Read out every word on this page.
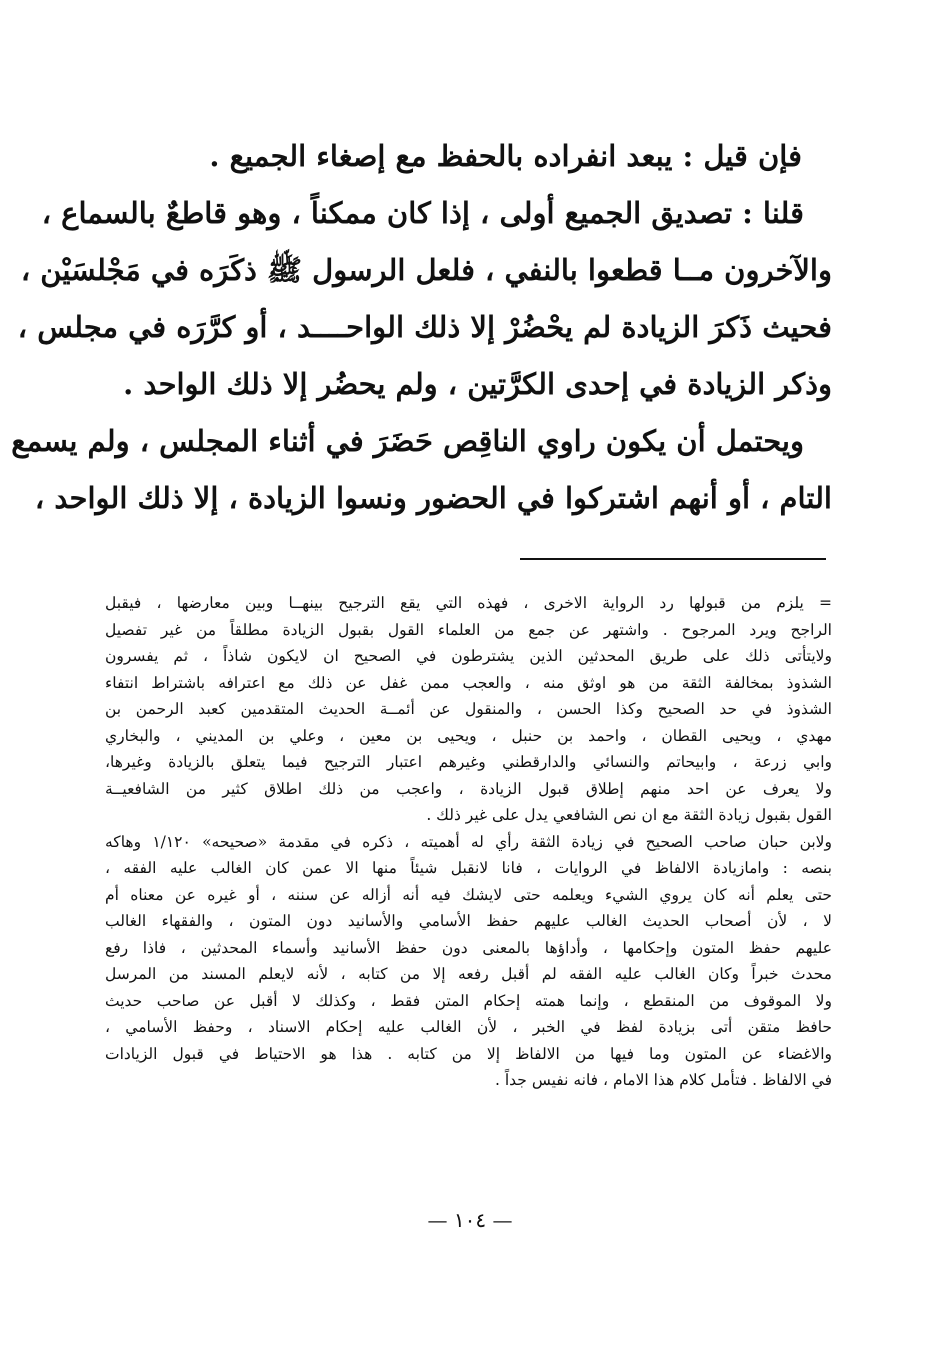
فإن قيل : يبعد انفراده بالحفظ مع إصغاء الجميع .
قلنا : تصديق الجميع أولى ، إذا كان ممكناً ، وهو قاطعٌ بالسماع ،
والآخرون مــا قطعوا بالنفي ، فلعل الرسول ﷺ ذكَرَه في مَجْلسَيْن ،
فحيث ذَكرَ الزيادة لم يحْضُرْ إلا ذلك الواحــــد ، أو كرَّرَه في مجلس ،
وذكر الزيادة في إحدى الكرَّتين ، ولم يحضُر إلا ذلك الواحد .
ويحتمل أن يكون راوي الناقِص حَضَرَ في أثناء المجلس ، ولم يسمع
التام ، أو أنهم اشتركوا في الحضور ونسوا الزيادة ، إلا ذلك الواحد ،
= يلزم من قبولها رد الرواية الاخرى ، فهذه التي يقع الترجيح بينهــا وبين معارضها ، فيقبل
الراجح ويرد المرجوح . واشتهر عن جمع من العلماء القول بقبول الزيادة مطلقاً من غير تفصيل
ولايتأتى ذلك على طريق المحدثين الذين يشترطون في الصحيح ان لايكون شاذاً ، ثم يفسرون
الشذوذ بمخالفة الثقة من هو اوثق منه ، والعجب ممن غفل عن ذلك مع اعترافه باشتراط انتفاء
الشذوذ في حد الصحيح وكذا الحسن ، والمنقول عن أئمــة الحديث المتقدمين كعبد الرحمن بن
مهدي ، ويحيى القطان ، واحمد بن حنبل ، ويحيى بن معين ، وعلي بن المديني ، والبخاري
وابي زرعة ، وابيحاتم والنسائي والدارقطني وغيرهم اعتبار الترجيح فيما يتعلق بالزيادة وغيرها،
ولا يعرف عن احد منهم إطلاق قبول الزيادة ، واعجب من ذلك اطلاق كثير من الشافعيــة
القول بقبول زيادة الثقة مع ان نص الشافعي يدل على غير ذلك .
ولابن حبان صاحب الصحيح في زيادة الثقة رأي له أهميته ، ذكره في مقدمة «صحيحه» ١/١٢٠ وهاكه
بنصه : وامازيادة الالفاظ في الروايات ، فانا لانقبل شيئاً منها الا عمن كان الغالب عليه الفقه ،
حتى يعلم أنه كان يروي الشيء ويعلمه حتى لايشك فيه أنه أزاله عن سننه ، أو غيره عن معناه أم
لا ، لأن أصحاب الحديث الغالب عليهم حفظ الأسامي والأسانيد دون المتون ، والفقهاء الغالب
عليهم حفظ المتون وإحكامها ، وأداؤها بالمعنى دون حفظ الأسانيد وأسماء المحدثين ، فاذا رفع
محدث خبراً وكان الغالب عليه الفقه لم أقبل رفعه إلا من كتابه ، لأنه لايعلم المسند من المرسل
ولا الموقوف من المنقطع ، وإنما همته إحكام المتن فقط ، وكذلك لا أقبل عن صاحب حديث
حافظ متقن أتى بزيادة لفظ في الخبر ، لأن الغالب عليه إحكام الاسناد ، وحفظ الأسامي ،
والاغضاء عن المتون وما فيها من الالفاظ إلا من كتابه . هذا هو الاحتياط في قبول الزيادات
في الالفاظ . فتأمل كلام هذا الامام ، فانه نفيس جداً .
— ١٠٤ —
